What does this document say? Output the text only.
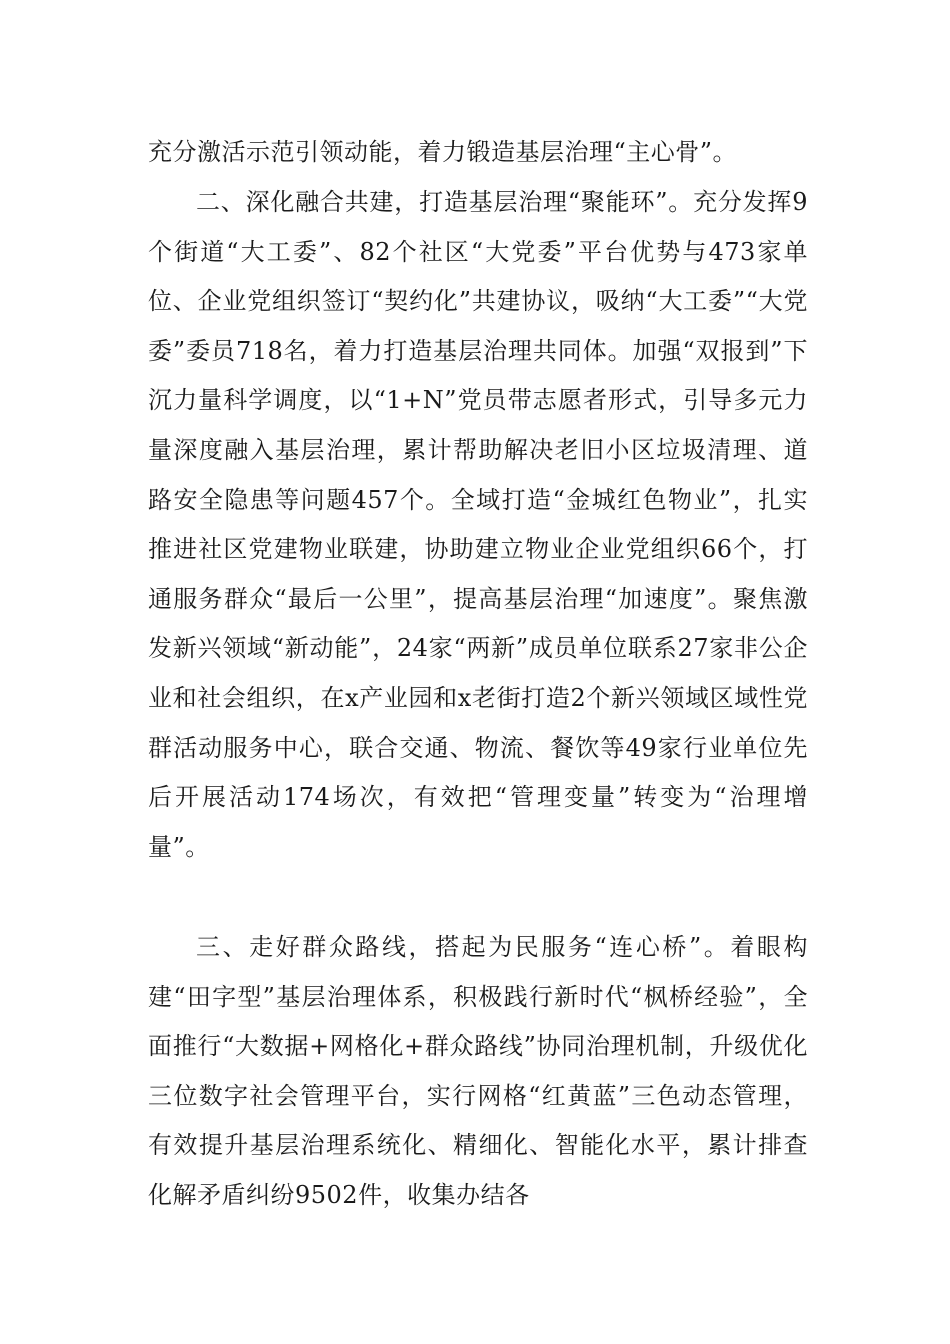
充分激活示范引领动能，着力锻造基层治理“主心骨”。
二、深化融合共建，打造基层治理“聚能环”。充分发挥9个街道“大工委”、82个社区“大党委”平台优势与473家单位、企业党组织签订“契约化”共建协议，吸纳“大工委”“大党委”委员718名，着力打造基层治理共同体。加强“双报到”下沉力量科学调度，以“1+N”党员带志愿者形式，引导多元力量深度融入基层治理，累计帮助解决老旧小区垃圾清理、道路安全隐患等问题457个。全域打造“金城红色物业”，扎实推进社区党建物业联建，协助建立物业企业党组织66个，打通服务群众“最后一公里”，提高基层治理“加速度”。聚焦激发新兴领域“新动能”，24家“两新”成员单位联系27家非公企业和社会组织，在x产业园和x老街打造2个新兴领域区域性党群活动服务中心，联合交通、物流、餐饮等49家行业单位先后开展活动174场次，有效把“管理变量”转变为“治理增量”。
三、走好群众路线，搭起为民服务“连心桥”。着眼构建“田字型”基层治理体系，积极践行新时代“枫桥经验”，全面推行“大数据+网格化+群众路线”协同治理机制，升级优化三位数字社会管理平台，实行网格“红黄蓝”三色动态管理，有效提升基层治理系统化、精细化、智能化水平，累计排查化解矛盾纠纷9502件，收集办结各
